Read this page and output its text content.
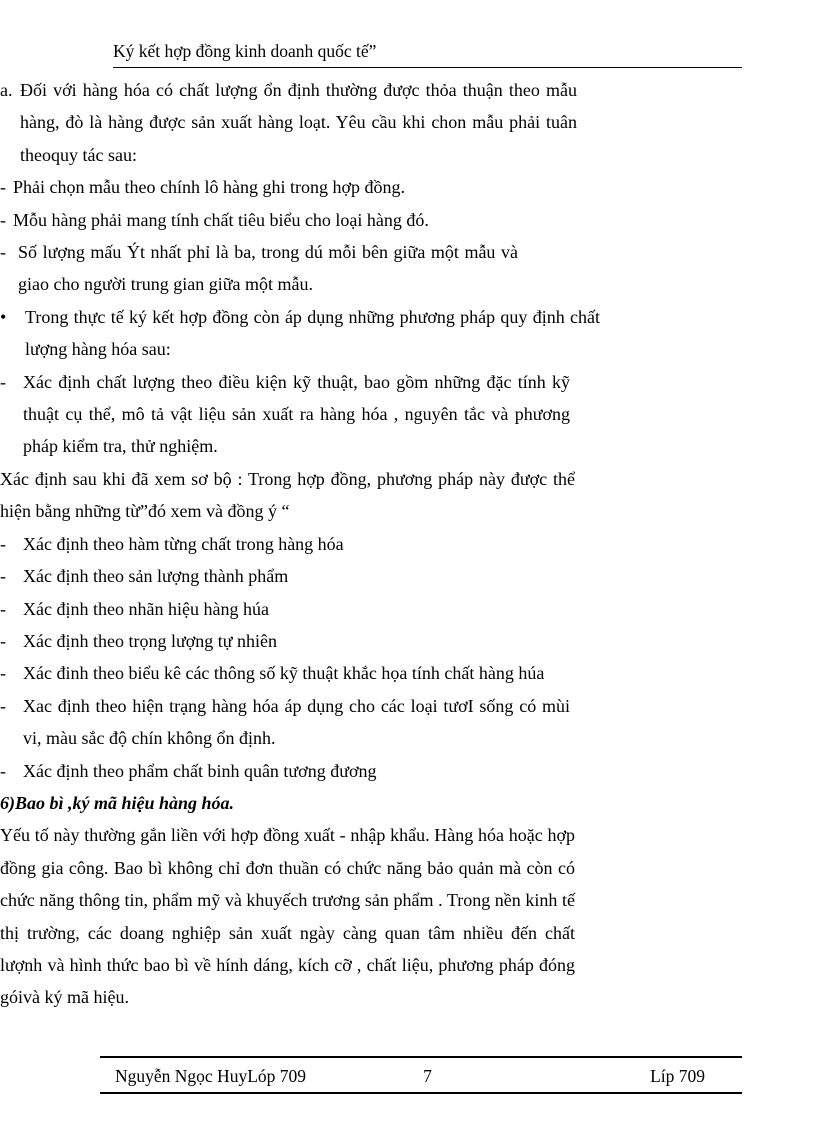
Ký kết hợp đồng kinh doanh quốc tế”

a. Đối với hàng hóa có chất lượng ổn định thường được thỏa thuận theo mẫu hàng, đò là hàng được sản xuất hàng loạt. Yêu cầu khi chon mẫu phải tuân theoquy tác sau:

- Phải chọn mẫu theo chính lô hàng ghi trong hợp đồng.

- Mỗu hàng phải mang tính chất tiêu biểu cho loại hàng đó.

- Số lượng mấu Ýt nhất phỉ là ba, trong dú mỗi bên giữa một mẫu và giao cho người trung gian giữa một mẫu.

• Trong thực tế ký kết hợp đồng còn áp dụng những phương pháp quy định chất lượng hàng hóa sau:

- Xác định chất lượng theo điều kiện kỹ thuật, bao gồm những đặc tính kỹ thuật cụ thể, mô tả vật liệu sản xuất ra hàng hóa , nguyên tắc và phương pháp kiểm tra, thử nghiệm.

Xác định sau khi đã xem sơ bộ : Trong hợp đồng, phương pháp này được thể hiện bằng những từ”đó xem và đồng ý “

- Xác định theo hàm từng chất trong hàng hóa

- Xác định theo sản lượng thành phẩm

- Xác định theo nhãn hiệu hàng húa

- Xác định theo trọng lượng tự nhiên

- Xác đinh theo biểu kê các thông số kỹ thuật khắc họa tính chất hàng húa

- Xac định theo hiện trạng hàng hóa áp dụng cho các loại tươI sống có mùi vi, màu sắc độ chín không ổn định.

- Xác định theo phẩm chất binh quân tương đương

6)Bao bì ,ký mã hiệu hàng hóa.

Yếu tố này thường gắn liền với hợp đồng xuất - nhập khẩu. Hàng hóa hoặc hợp đồng gia công. Bao bì không chỉ đơn thuần có chức năng bảo quản mà còn có chức năng thông tin, phẩm mỹ và khuyếch trương sản phẩm . Trong nền kinh tế thị trường, các doang nghiệp sản xuất ngày càng quan tâm nhiều đến chất lượnh và hình thức bao bì về hính dáng, kích cỡ , chất liệu, phương pháp đóng góivà ký mã hiệu.

Nguyễn Ngọc HuyLóp 709	7	Líp 709
